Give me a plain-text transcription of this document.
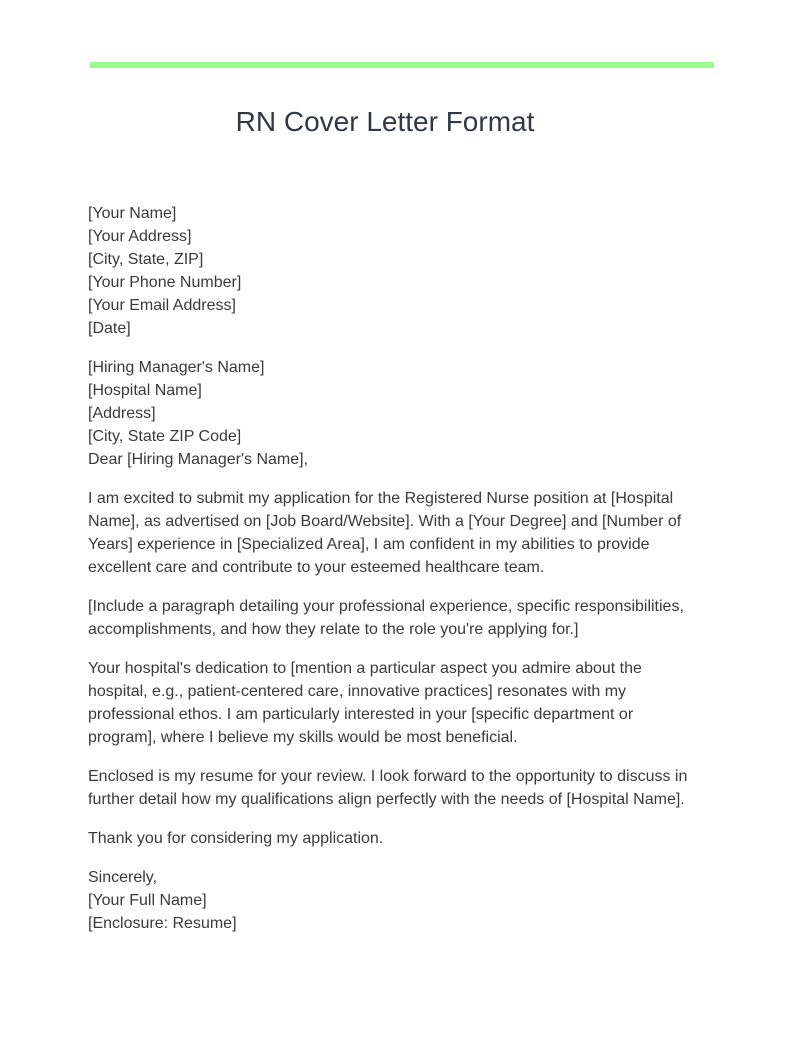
RN Cover Letter Format
[Your Name]
[Your Address]
[City, State, ZIP]
[Your Phone Number]
[Your Email Address]
[Date]
[Hiring Manager's Name]
[Hospital Name]
[Address]
[City, State ZIP Code]
Dear [Hiring Manager's Name],

I am excited to submit my application for the Registered Nurse position at [Hospital Name], as advertised on [Job Board/Website]. With a [Your Degree] and [Number of Years] experience in [Specialized Area], I am confident in my abilities to provide excellent care and contribute to your esteemed healthcare team.

[Include a paragraph detailing your professional experience, specific responsibilities, accomplishments, and how they relate to the role you're applying for.]

Your hospital's dedication to [mention a particular aspect you admire about the hospital, e.g., patient-centered care, innovative practices] resonates with my professional ethos. I am particularly interested in your [specific department or program], where I believe my skills would be most beneficial.

Enclosed is my resume for your review. I look forward to the opportunity to discuss in further detail how my qualifications align perfectly with the needs of [Hospital Name].

Thank you for considering my application.

Sincerely,
[Your Full Name]
[Enclosure: Resume]
